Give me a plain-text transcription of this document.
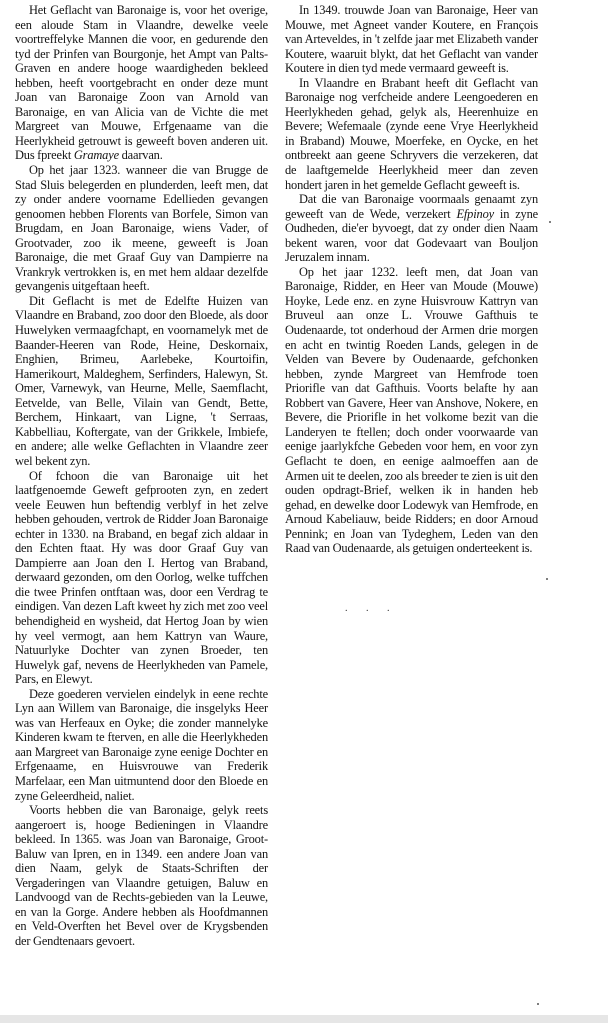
Het Geflacht van Baronaige is, voor het overige, een aloude Stam in Vlaandre, dewelke veele voortreffelyke Mannen die voor, en gedurende den tyd der Prinfen van Bourgonje, het Ampt van Palts-Graven en andere hooge waardigheden bekleed hebben, heeft voortgebracht en onder deze munt Joan van Baronaige Zoon van Arnold van Baronaige, en van Alicia van de Vichte die met Margreet van Mouwe, Erfgenaame van die Heerlykheid getrouwt is geweeft boven anderen uit. Dus fpreekt Gramaye daarvan.

Op het jaar 1323. wanneer die van Brugge de Stad Sluis belegerden en plunderden, leeft men, dat zy onder andere voorname Edellieden gevangen genoomen hebben Florents van Borfele, Simon van Brugdam, en Joan Baronaige, wiens Vader, of Grootvader, zoo ik meene, geweeft is Joan Baronaige, die met Graaf Guy van Dampierre na Vrankryk vertrokken is, en met hem aldaar dezelfde gevangenis uitgeftaan heeft.

Dit Geflacht is met de Edelfte Huizen van Vlaandre en Braband, zoo door den Bloede, als door Huwelyken vermaagfchapt, en voornamelyk met de Baander-Heeren van Rode, Heine, Deskornaix, Enghien, Brimeu, Aarlebeke, Kourtoifin, Hamerikourt, Maldeghem, Serfinders, Halewyn, St. Omer, Varnewyk, van Heurne, Melle, Saemflacht, Eetvelde, van Belle, Vilain van Gendt, Bette, Berchem, Hinkaart, van Ligne, 't Serraas, Kabbelliau, Koftergate, van der Grikkele, Imbiefe, en andere; alle welke Geflachten in Vlaandre zeer wel bekent zyn.

Of fchoon die van Baronaige uit het laatfgenoemde Geweft gefprooten zyn, en zedert veele Eeuwen hun beftendig verblyf in het zelve hebben gehouden, vertrok de Ridder Joan Baronaige echter in 1330. na Braband, en begaf zich aldaar in den Echten ftaat. Hy was door Graaf Guy van Dampierre aan Joan den I. Hertog van Braband, derwaard gezonden, om den Oorlog, welke tuffchen die twee Prinfen ontftaan was, door een Verdrag te eindigen. Van dezen Laft kweet hy zich met zoo veel behendigheid en wysheid, dat Hertog Joan by wien hy veel vermogt, aan hem Kattryn van Waure, Natuurlyke Dochter van zynen Broeder, ten Huwelyk gaf, nevens de Heerlykheden van Pamele, Pars, en Elewyt.

Deze goederen vervielen eindelyk in eene rechte Lyn aan Willem van Baronaige, die insgelyks Heer was van Herfeaux en Oyke; die zonder mannelyke Kinderen kwam te fterven, en alle die Heerlykheden aan Margreet van Baronaige zyne eenige Dochter en Erfgenaame, en Huisvrouwe van Frederik Marfelaar, een Man uitmuntend door den Bloede en zyne Geleerdheid, naliet.

Voorts hebben die van Baronaige, gelyk reets aangeroert is, hooge Bedieningen in Vlaandre bekleed. In 1365. was Joan van Baronaige, Groot-Baluw van Ipren, en in 1349. een andere Joan van dien Naam, gelyk de Staats-Schriften der Vergaderingen van Vlaandre getuigen, Baluw en Landvoogd van de Rechts-gebieden van la Leuwe, en van la Gorge. Andere hebben als Hoofdmannen en Veld-Overften het Bevel over de Krygsbenden der Gendtenaars gevoert.

In 1349. trouwde Joan van Baronaige, Heer van Mouwe, met Agneet vander Koutere, en François van Arteveldes, in 't zelfde jaar met Elizabeth vander Koutere, waaruit blykt, dat het Geflacht van vander Koutere in dien tyd mede vermaard geweeft is.

In Vlaandre en Brabant heeft dit Geflacht van Baronaige nog verfcheide andere Leengoederen en Heerlykheden gehad, gelyk als, Heerenhuize en Bevere; Wefemaale (zynde eene Vrye Heerlykheid in Braband) Mouwe, Moerfeke, en Oycke, en het ontbreekt aan geene Schryvers die verzekeren, dat de laaftgemelde Heerlykheid meer dan zeven hondert jaren in het gemelde Geflacht geweeft is.

Dat die van Baronaige voormaals genaamt zyn geweeft van de Wede, verzekert Efpinoy in zyne Oudheden, die'er byvoegt, dat zy onder dien Naam bekent waren, voor dat Godevaart van Bouljon Jeruzalem innam.

Op het jaar 1232. leeft men, dat Joan van Baronaige, Ridder, en Heer van Moude (Mouwe) Hoyke, Lede enz. en zyne Huisvrouw Kattryn van Bruveul aan onze L. Vrouwe Gafthuis te Oudenaarde, tot onderhoud der Armen drie morgen en acht en twintig Roeden Lands, gelegen in de Velden van Bevere by Oudenaarde, gefchonken hebben, zynde Margreet van Hemfrode toen Priorifle van dat Gafthuis. Voorts belafte hy aan Robbert van Gavere, Heer van Anshove, Nokere, en Bevere, die Priorifle in het volkome bezit van die Landeryen te ftellen; doch onder voorwaarde van eenige jaarlykfche Gebeden voor hem, en voor zyn Geflacht te doen, en eenige aalmoeffen aan de Armen uit te deelen, zoo als breeder te zien is uit den ouden opdragt-Brief, welken ik in handen heb gehad, en dewelke door Lodewyk van Hemfrode, en Arnoud Kabeliauw, beide Ridders; en door Arnoud Pennink; en Joan van Tydeghem, Leden van den Raad van Oudenaarde, als getuigen onderteekent is.

. . .
